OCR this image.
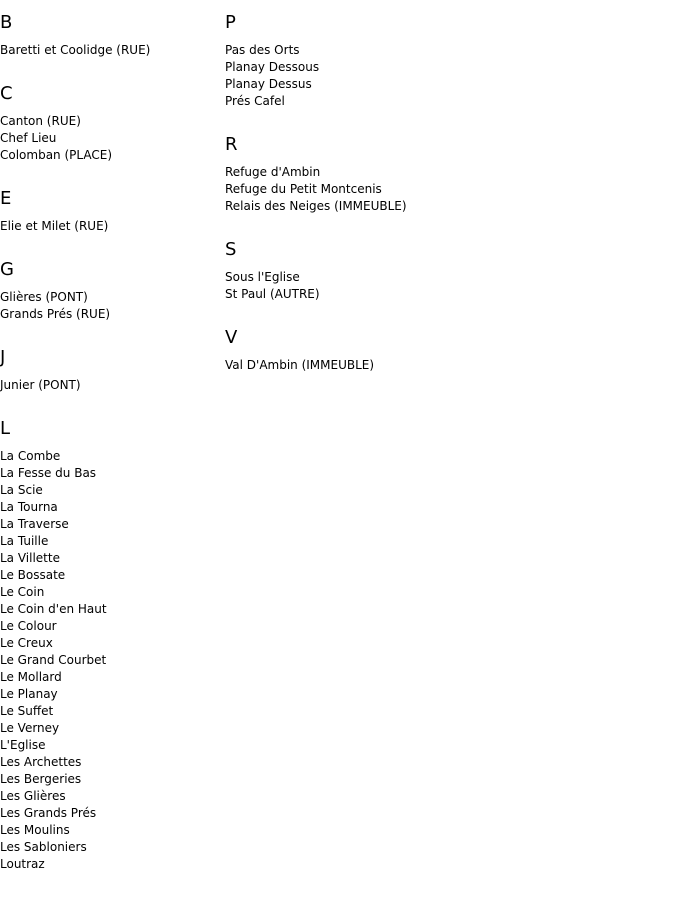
B
Baretti et Coolidge (RUE)
C
Canton (RUE)
Chef Lieu
Colomban (PLACE)
E
Elie et Milet (RUE)
G
Glières (PONT)
Grands Prés (RUE)
J
Junier (PONT)
L
La Combe
La Fesse du Bas
La Scie
La Tourna
La Traverse
La Tuille
La Villette
Le Bossate
Le Coin
Le Coin d'en Haut
Le Colour
Le Creux
Le Grand Courbet
Le Mollard
Le Planay
Le Suffet
Le Verney
L'Eglise
Les Archettes
Les Bergeries
Les Glières
Les Grands Prés
Les Moulins
Les Sabloniers
Loutraz
P
Pas des Orts
Planay Dessous
Planay Dessus
Prés Cafel
R
Refuge d'Ambin
Refuge du Petit Montcenis
Relais des Neiges (IMMEUBLE)
S
Sous l'Eglise
St Paul (AUTRE)
V
Val D'Ambin (IMMEUBLE)
